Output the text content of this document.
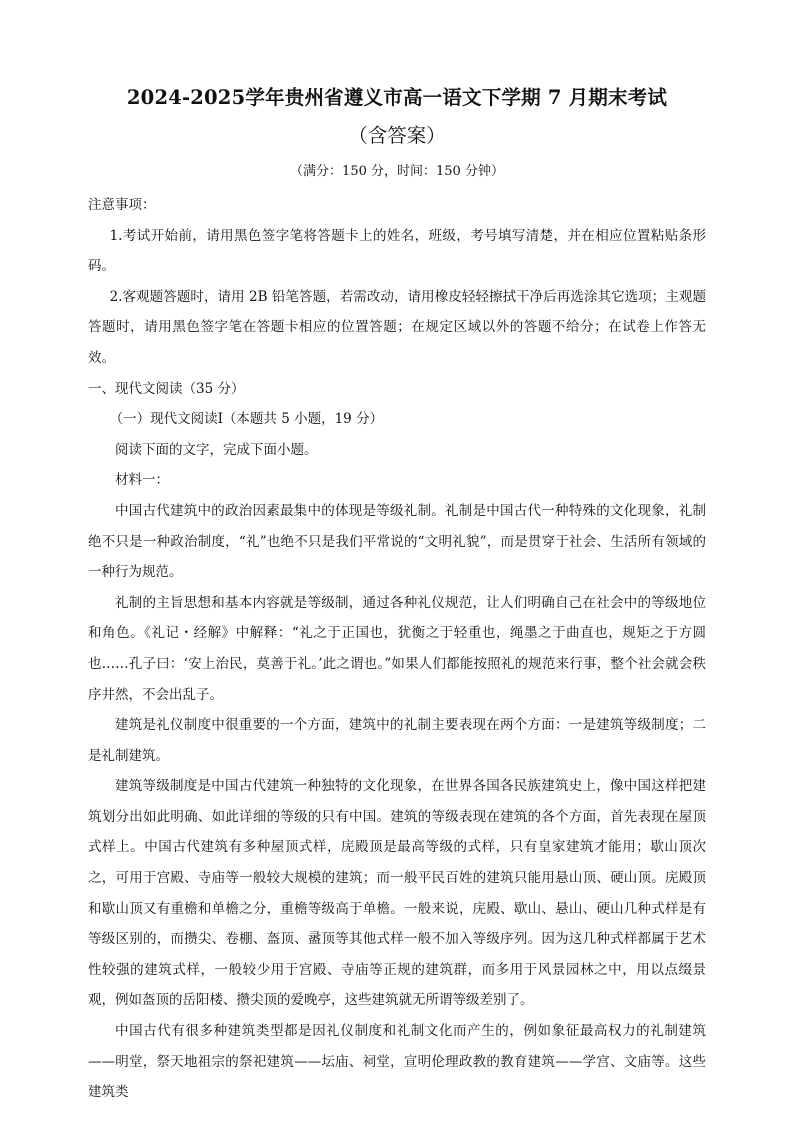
2024-2025学年贵州省遵义市高一语文下学期 7 月期末考试
（含答案）
（满分：150 分，时间：150 分钟）

注意事项：

1.考试开始前，请用黑色签字笔将答题卡上的姓名，班级，考号填写清楚，并在相应位置粘贴条形码。

2.客观题答题时，请用 2B 铅笔答题，若需改动，请用橡皮轻轻擦拭干净后再选涂其它选项；主观题答题时，请用黑色签字笔在答题卡相应的位置答题；在规定区域以外的答题不给分；在试卷上作答无效。

一、现代文阅读（35 分）

（一）现代文阅读Ⅰ（本题共 5 小题，19 分）

阅读下面的文字，完成下面小题。

材料一：

中国古代建筑中的政治因素最集中的体现是等级礼制。礼制是中国古代一种特殊的文化现象，礼制绝不只是一种政治制度，“礼”也绝不只是我们平常说的“文明礼貌”，而是贯穿于社会、生活所有领域的一种行为规范。

礼制的主旨思想和基本内容就是等级制，通过各种礼仪规范，让人们明确自己在社会中的等级地位和角色。《礼记・经解》中解释：“礼之于正国也，犹衡之于轻重也，绳墨之于曲直也，规矩之于方圆也……孔子曰：‘安上治民，莫善于礼。’此之谓也。”如果人们都能按照礼的规范来行事，整个社会就会秩序井然，不会出乱子。

建筑是礼仪制度中很重要的一个方面，建筑中的礼制主要表现在两个方面：一是建筑等级制度；二是礼制建筑。

建筑等级制度是中国古代建筑一种独特的文化现象，在世界各国各民族建筑史上，像中国这样把建筑划分出如此明确、如此详细的等级的只有中国。建筑的等级表现在建筑的各个方面，首先表现在屋顶式样上。中国古代建筑有多种屋顶式样，庑殿顶是最高等级的式样，只有皇家建筑才能用；歇山顶次之，可用于宫殿、寺庙等一般较大规模的建筑；而一般平民百姓的建筑只能用悬山顶、硬山顶。庑殿顶和歇山顶又有重檐和单檐之分，重檐等级高于单檐。一般来说，庑殿、歇山、悬山、硬山几种式样是有等级区别的，而攒尖、卷棚、盔顶、盝顶等其他式样一般不加入等级序列。因为这几种式样都属于艺术性较强的建筑式样，一般较少用于宫殿、寺庙等正规的建筑群，而多用于风景园林之中，用以点缀景观，例如盔顶的岳阳楼、攒尖顶的爱晚亭，这些建筑就无所谓等级差别了。

中国古代有很多种建筑类型都是因礼仪制度和礼制文化而产生的，例如象征最高权力的礼制建筑——明堂，祭天地祖宗的祭祀建筑——坛庙、祠堂，宣明伦理政教的教育建筑——学宫、文庙等。这些建筑类
